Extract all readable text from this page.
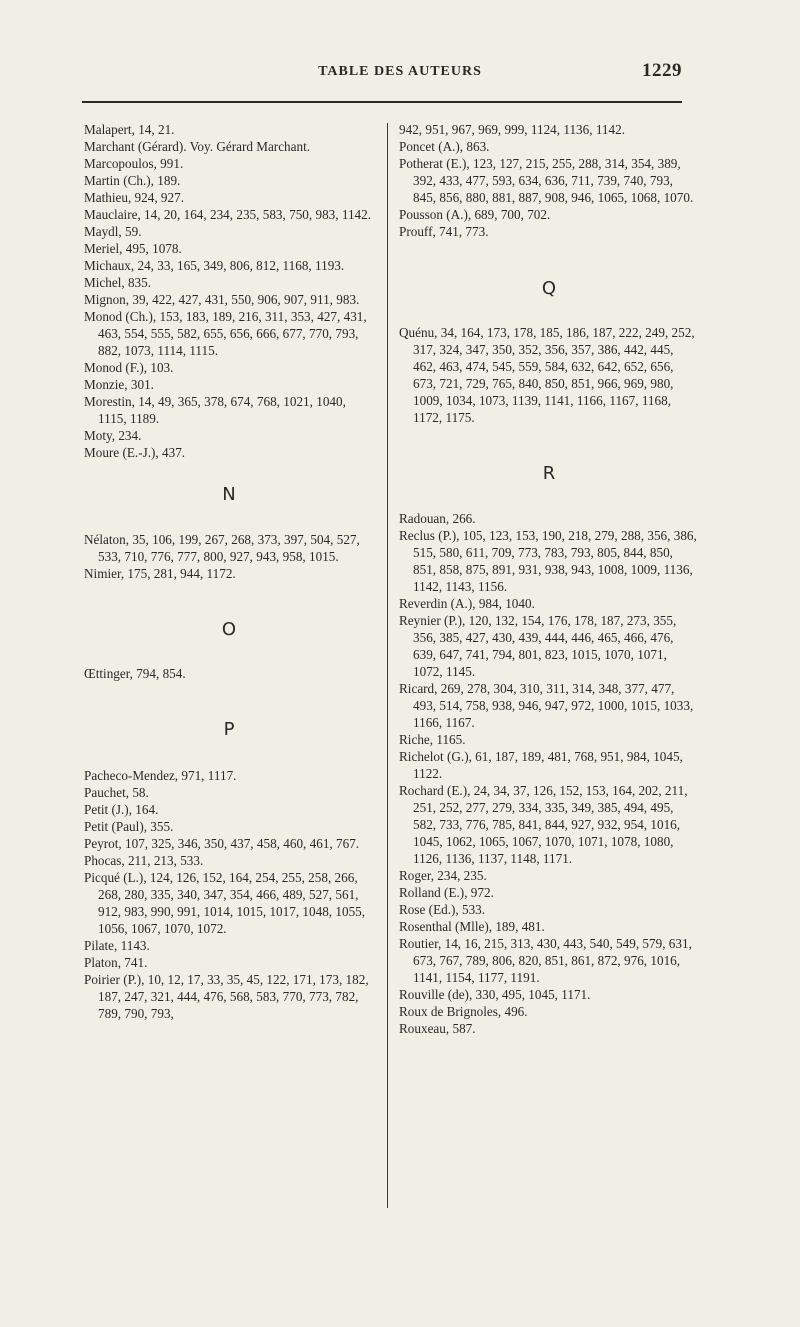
TABLE DES AUTEURS	1229

Malapert, 14, 21.

Marchant (Gérard). Voy. Gérard Marchant.

Marcopoulos, 991.

Martin (Ch.), 189.

Mathieu, 924, 927.

Mauclaire, 14, 20, 164, 234, 235, 583, 750, 983, 1142.

Maydl, 59.

Meriel, 495, 1078.

Michaux, 24, 33, 165, 349, 806, 812, 1168, 1193.

Michel, 835.

Mignon, 39, 422, 427, 431, 550, 906, 907, 911, 983.

Monod (Ch.), 153, 183, 189, 216, 311, 353, 427, 431, 463, 554, 555, 582, 655, 656, 666, 677, 770, 793, 882, 1073, 1114, 1115.

Monod (F.), 103.

Monzie, 301.

Morestin, 14, 49, 365, 378, 674, 768, 1021, 1040, 1115, 1189.

Moty, 234.

Moure (E.-J.), 437.

N

Nélaton, 35, 106, 199, 267, 268, 373, 397, 504, 527, 533, 710, 776, 777, 800, 927, 943, 958, 1015.

Nimier, 175, 281, 944, 1172.

O

Œttinger, 794, 854.

P

Pacheco-Mendez, 971, 1117.

Pauchet, 58.

Petit (J.), 164.

Petit (Paul), 355.

Peyrot, 107, 325, 346, 350, 437, 458, 460, 461, 767.

Phocas, 211, 213, 533.

Picqué (L.), 124, 126, 152, 164, 254, 255, 258, 266, 268, 280, 335, 340, 347, 354, 466, 489, 527, 561, 912, 983, 990, 991, 1014, 1015, 1017, 1048, 1055, 1056, 1067, 1070, 1072.

Pilate, 1143.

Platon, 741.

Poirier (P.), 10, 12, 17, 33, 35, 45, 122, 171, 173, 182, 187, 247, 321, 444, 476, 568, 583, 770, 773, 782, 789, 790, 793,

942, 951, 967, 969, 999, 1124, 1136, 1142.

Poncet (A.), 863.

Potherat (E.), 123, 127, 215, 255, 288, 314, 354, 389, 392, 433, 477, 593, 634, 636, 711, 739, 740, 793, 845, 856, 880, 881, 887, 908, 946, 1065, 1068, 1070.

Pousson (A.), 689, 700, 702.

Prouff, 741, 773.

Q

Quénu, 34, 164, 173, 178, 185, 186, 187, 222, 249, 252, 317, 324, 347, 350, 352, 356, 357, 386, 442, 445, 462, 463, 474, 545, 559, 584, 632, 642, 652, 656, 673, 721, 729, 765, 840, 850, 851, 966, 969, 980, 1009, 1034, 1073, 1139, 1141, 1166, 1167, 1168, 1172, 1175.

R

Radouan, 266.

Reclus (P.), 105, 123, 153, 190, 218, 279, 288, 356, 386, 515, 580, 611, 709, 773, 783, 793, 805, 844, 850, 851, 858, 875, 891, 931, 938, 943, 1008, 1009, 1136, 1142, 1143, 1156.

Reverdin (A.), 984, 1040.

Reynier (P.), 120, 132, 154, 176, 178, 187, 273, 355, 356, 385, 427, 430, 439, 444, 446, 465, 466, 476, 639, 647, 741, 794, 801, 823, 1015, 1070, 1071, 1072, 1145.

Ricard, 269, 278, 304, 310, 311, 314, 348, 377, 477, 493, 514, 758, 938, 946, 947, 972, 1000, 1015, 1033, 1166, 1167.

Riche, 1165.

Richelot (G.), 61, 187, 189, 481, 768, 951, 984, 1045, 1122.

Rochard (E.), 24, 34, 37, 126, 152, 153, 164, 202, 211, 251, 252, 277, 279, 334, 335, 349, 385, 494, 495, 582, 733, 776, 785, 841, 844, 927, 932, 954, 1016, 1045, 1062, 1065, 1067, 1070, 1071, 1078, 1080, 1126, 1136, 1137, 1148, 1171.

Roger, 234, 235.

Rolland (E.), 972.

Rose (Ed.), 533.

Rosenthal (Mlle), 189, 481.

Routier, 14, 16, 215, 313, 430, 443, 540, 549, 579, 631, 673, 767, 789, 806, 820, 851, 861, 872, 976, 1016, 1141, 1154, 1177, 1191.

Rouville (de), 330, 495, 1045, 1171.

Roux de Brignoles, 496.

Rouxeau, 587.
